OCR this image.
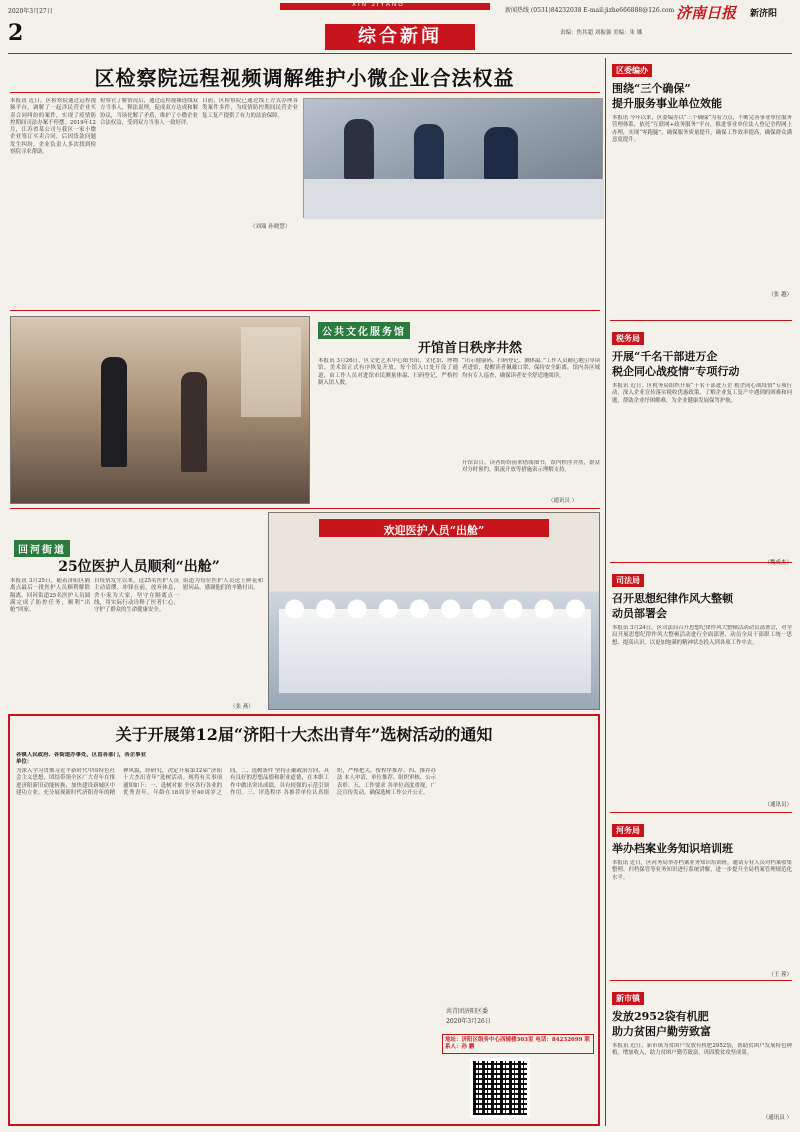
2020年3月27日
2
XIN JIYANG
新闻热线 (0531)84232038 E-mail:jizhe666888@126.com 济南日报 新济阳
责编：焦其超 刘振强 美编：朱 娜
综合新闻
区检察院远程视频调解维护小微企业合法权益
本报讯 近日，区检察院通过远程视频平台，调解了一起涉民营企业买卖合同纠纷的案件，实现了疫情防控期间司法办案不停摆。2019年12月，江苏省某公司与我区一家小微企业签订买卖合同，后因货款问题发生纠纷，企业负责人多次找到检察院寻求帮助。
检察官了解情况后，通过远程视频连线双方当事人，释法说理，促成双方达成和解协议，当场化解了矛盾，维护了小微企业合法权益，受到双方当事人一致好评。
目前，区检察院已通过线上方式办理各类案件多件，为疫情防控期间民营企业复工复产提供了有力的法治保障。
（刘瑞 孙晓慧）
公共文化服务馆
开馆首日秩序井然
本报讯 3月26日，区文化艺术中心图书馆、文化馆、博物馆、美术馆正式有序恢复开放。每个馆入口处开设了通道，由工作人员对进馆市民测量体温、扫码登记，严格控制入馆人数。
“出示健康码、扫码登记、测体温。”工作人员耐心地引导读者进馆，提醒读者佩戴口罩、保持安全距离。馆内各区域均有专人巡查，确保读者安全舒适地阅读。
开馆首日，读者纷纷前来借阅图书，馆内秩序井然，群众对分时预约、限流开放等措施表示理解支持。
（通讯员 ）
回河街道
25位医护人员顺利“出舱”
本报讯 3月25日，随着济阳区隔离点最后一批医护人员顺利解除隔离，回河街道25名医护人员圆满完成了防控任务，顺利“出舱”回家。
自疫情发生以来，这25名医护人员主动请缨、冲锋在前，放弃休息，舍小家为大家，坚守在隔离点一线，用实际行动诠释了医者仁心，守护了群众的生命健康安全。
街道为每位医护人员送上鲜花和慰问品，感谢他们的辛勤付出。
（张 燕）
欢迎医护人员“出舱”
关于开展第12届“济阳十大杰出青年”选树活动的通知
各镇人民政府、各街道办事处，区直各部门，各企事业单位：
为深入学习贯彻习近平新时代中国特色社会主义思想，团结带领全区广大青年在推进济阳新旧动能转换、加快建设新城区中建功立业，充分展现新时代济阳青年的精神风貌，经研究，决定开展第12届“济阳十大杰出青年”选树活动。现将有关事项通知如下：一、选树对象 全区各行各业的优秀青年，年龄在18周岁至40周岁之间。二、选树条件 坚持正确政治方向，具有良好的思想品德和职业道德，在本职工作中做出突出成绩，具有较强的示范引领作用。三、评选程序 各推荐单位认真组织，严格把关，按程序推荐。四、推荐办法 本人申请、单位推荐、组织审核、公示表彰。五、工作要求 各单位高度重视，广泛宣传发动，确保选树工作公开公正。
共青团济阳区委
2020年3月26日
地址：济阳区级务中心西辅楼303室 电话：84232699 联系人：孙 鹏
区委编办
围绕“三个确保”
提升服务事业单位效能
本报讯 今年以来，区委编办以“三个确保”为着力点，不断完善事业单位服务管理体系，依托“互联网+政务服务”平台，推进事业单位法人登记全程网上办理，实现“零跑腿”。确保服务质量提升，确保工作效率提高，确保群众满意度提升。
（张 越）
税务局
开展“千名干部进万企
税企同心战疫情”专项行动
本报讯 近日，区税务局组织开展“千名干部进万企 税企同心战疫情”专项行动，深入企业宣传落实税收优惠政策，了解企业复工复产中遇到的困难和问题，帮助企业纾困解难，为企业健康发展保驾护航。
（魏成杰）
司法局
召开思想纪律作风大整顿
动员部署会
本报讯 3月24日，区司法局召开思想纪律作风大整顿活动动员部署会，对全局开展思想纪律作风大整顿活动进行全面部署，动员全局干部职工统一思想、提高认识，以更加饱满的精神状态投入到各项工作中去。
（通讯员）
河务局
举办档案业务知识培训班
本报讯 近日，区河务局举办档案业务知识培训班，邀请专业人员对档案收集整理、归档保管等业务知识进行系统讲解，进一步提升全局档案管理规范化水平。
（王 蓉）
新市镇
发放2952袋有机肥
助力贫困户勤劳致富
本报讯 近日，新市镇为贫困户发放有机肥2952袋，帮助贫困户发展特色种植，增加收入，助力贫困户勤劳致富，巩固脱贫攻坚成果。
（通讯员 ）
